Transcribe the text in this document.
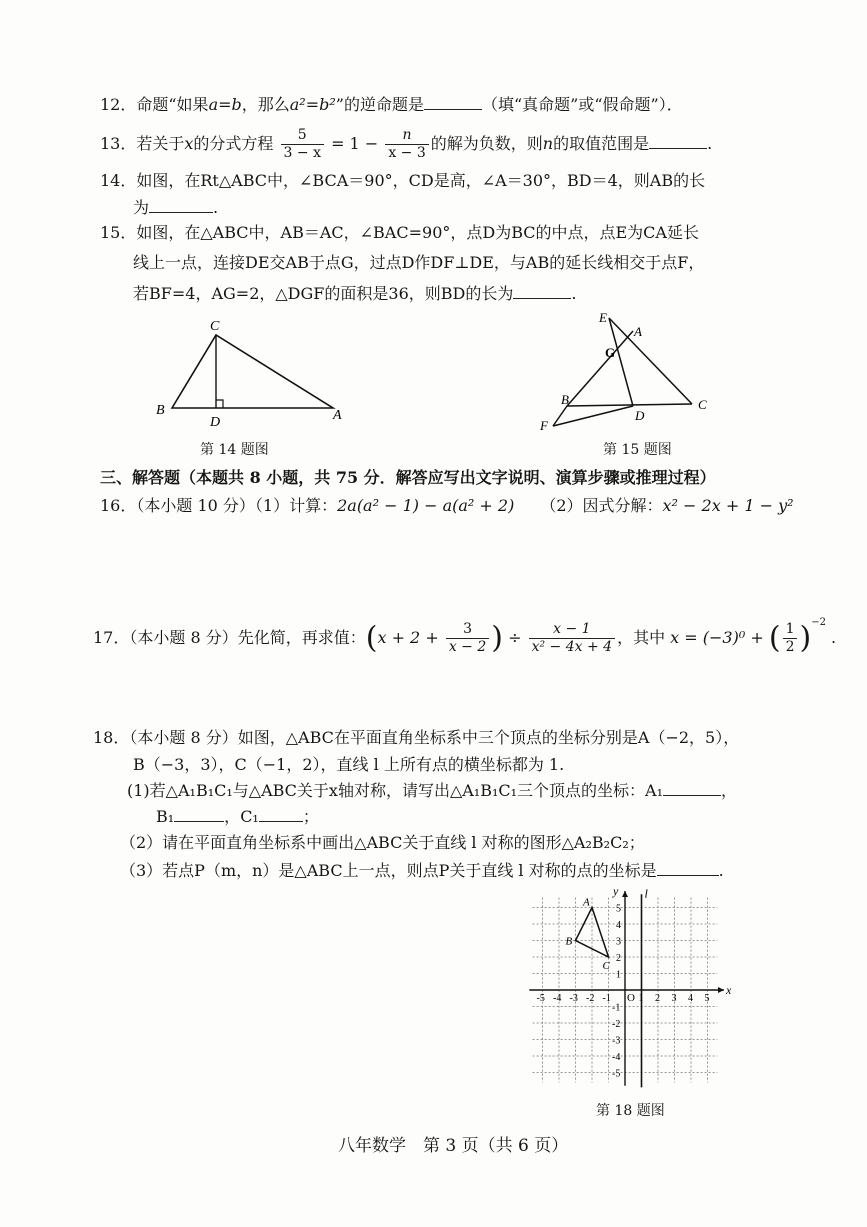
12．命题“如果a=b，那么a²=b²”的逆命题是	（填“真命题”或“假命题”）．
13．若关于x的分式方程 $\frac{5}{3 - x} = 1 - \frac{n}{x - 3}$ 的解为负数，则n的取值范围是	.
14．如图，在Rt△ABC中，∠BCA＝90°，CD是高，∠A＝30°，BD＝4，则AB的长
为	.
15．如图，在△ABC中，AB＝AC，∠BAC=90°，点D为BC的中点，点E为CA延长
线上一点，连接DE交AB于点G，过点D作DF⊥DE，与AB的延长线相交于点F，
若BF=4，AG=2，△DGF的面积是36，则BD的长为	.
C
B
D	A
第 14 题图
E
A
G
B
D
C
F
第 15 题图
三、解答题（本题共 8 小题，共 75 分．解答应写出文字说明、演算步骤或推理过程）
16．（本小题 10 分）（1）计算：2a(a² − 1) − a(a² + 2) （2）因式分解：x² − 2x + 1 − y²
17．（本小题 8 分）先化简，再求值：($x + 2 + \frac{3}{x - 2}$ ) ÷ $\frac{x - 1}{\text{x² − 4x + 4}}$ ，其中 x = (−3)⁰ + ( $\frac{1}{2} )^{-2}$ .
18．（本小题 8 分）如图，△ABC在平面直角坐标系中三个顶点的坐标分别是A（−2，5），
B（−3，3），C（−1，2），直线 l 上所有点的横坐标都为 1.
(1)若△A₁B₁C₁与△ABC关于x轴对称，请写出△A₁B₁C₁三个顶点的坐标：A₁	，
B₁	，C₁	；
（2）请在平面直角坐标系中画出△ABC关于直线 l 对称的图形△A₂B₂C₂；
（3）若点P（m，n）是△ABC上一点，则点P关于直线 l 对称的点的坐标是	.
-5 -4 -3 -2 -1	1 2 3 4 5
5
4
3
2
1
-1
-2
-3
-4
-5
O
x
y l
A
B
C
第 18 题图
八年数学　第 3 页（共 6 页）
